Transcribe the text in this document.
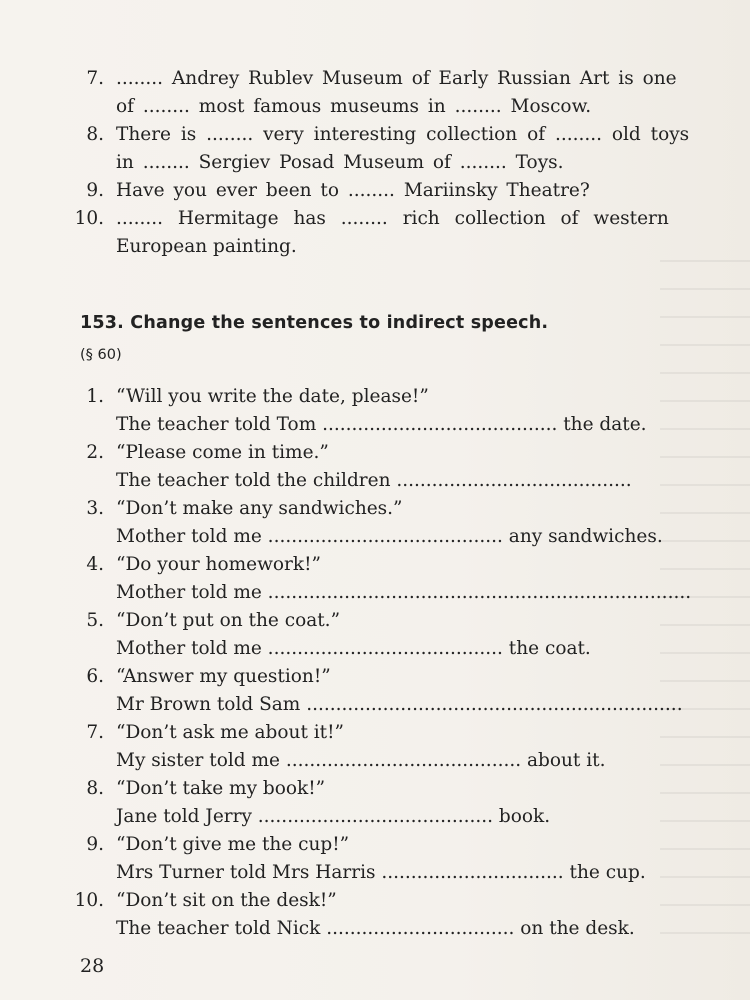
7. ........ Andrey Rublev Museum of Early Russian Art is one
of ........ most famous museums in ........ Moscow.
8. There is ........ very interesting collection of ........ old toys
in ........ Sergiev Posad Museum of ........ Toys.
9. Have you ever been to ........ Mariinsky Theatre?
10. ........ Hermitage has ........ rich collection of western
European painting.
153. Change the sentences to indirect speech.
(§ 60)
1. “Will you write the date, please!”
The teacher told Tom ........................................ the date.
2. “Please come in time.”
The teacher told the children ........................................
3. “Don’t make any sandwiches.”
Mother told me ........................................ any sandwiches.
4. “Do your homework!”
Mother told me ........................................................................
5. “Don’t put on the coat.”
Mother told me ........................................ the coat.
6. “Answer my question!”
Mr Brown told Sam ................................................................
7. “Don’t ask me about it!”
My sister told me ........................................ about it.
8. “Don’t take my book!”
Jane told Jerry ........................................ book.
9. “Don’t give me the cup!”
Mrs Turner told Mrs Harris ............................... the cup.
10. “Don’t sit on the desk!”
The teacher told Nick ................................ on the desk.
28
